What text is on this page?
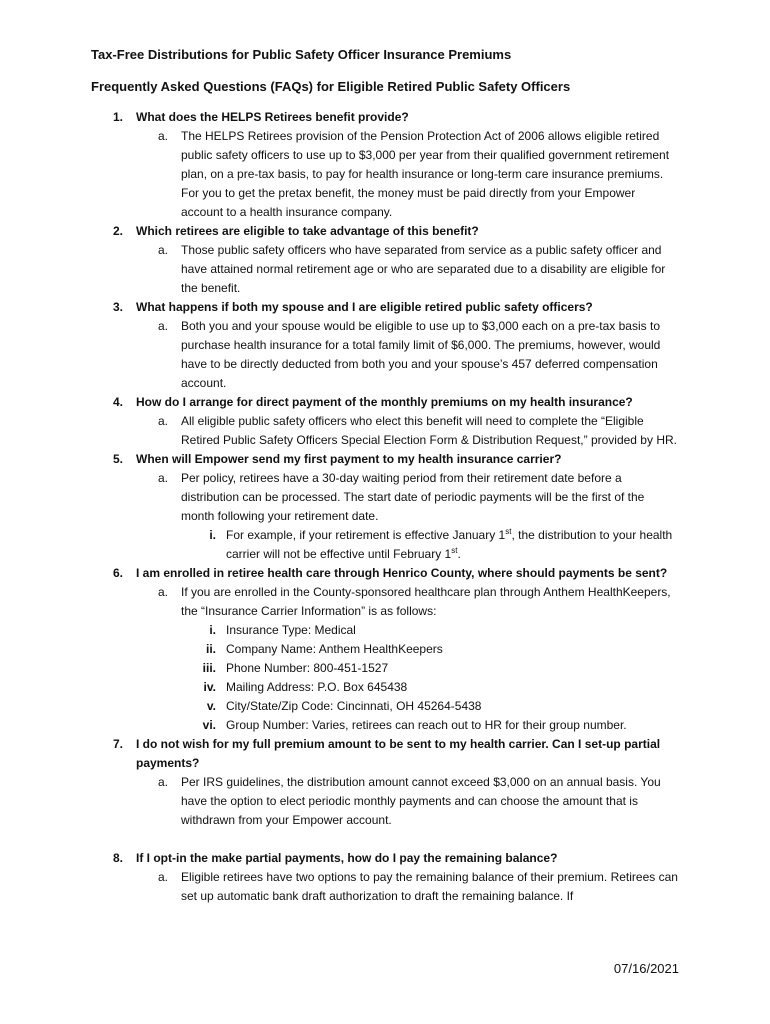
Tax-Free Distributions for Public Safety Officer Insurance Premiums
Frequently Asked Questions (FAQs) for Eligible Retired Public Safety Officers
1. What does the HELPS Retirees benefit provide?
a. The HELPS Retirees provision of the Pension Protection Act of 2006 allows eligible retired public safety officers to use up to $3,000 per year from their qualified government retirement plan, on a pre-tax basis, to pay for health insurance or long-term care insurance premiums. For you to get the pretax benefit, the money must be paid directly from your Empower account to a health insurance company.
2. Which retirees are eligible to take advantage of this benefit?
a. Those public safety officers who have separated from service as a public safety officer and have attained normal retirement age or who are separated due to a disability are eligible for the benefit.
3. What happens if both my spouse and I are eligible retired public safety officers?
a. Both you and your spouse would be eligible to use up to $3,000 each on a pre-tax basis to purchase health insurance for a total family limit of $6,000. The premiums, however, would have to be directly deducted from both you and your spouse’s 457 deferred compensation account.
4. How do I arrange for direct payment of the monthly premiums on my health insurance?
a. All eligible public safety officers who elect this benefit will need to complete the “Eligible Retired Public Safety Officers Special Election Form & Distribution Request,” provided by HR.
5. When will Empower send my first payment to my health insurance carrier?
a. Per policy, retirees have a 30-day waiting period from their retirement date before a distribution can be processed. The start date of periodic payments will be the first of the month following your retirement date.
i. For example, if your retirement is effective January 1st, the distribution to your health carrier will not be effective until February 1st.
6. I am enrolled in retiree health care through Henrico County, where should payments be sent?
a. If you are enrolled in the County-sponsored healthcare plan through Anthem HealthKeepers, the “Insurance Carrier Information” is as follows:
i. Insurance Type: Medical
ii. Company Name: Anthem HealthKeepers
iii. Phone Number: 800-451-1527
iv. Mailing Address: P.O. Box 645438
v. City/State/Zip Code: Cincinnati, OH 45264-5438
vi. Group Number: Varies, retirees can reach out to HR for their group number.
7. I do not wish for my full premium amount to be sent to my health carrier. Can I set-up partial payments?
a. Per IRS guidelines, the distribution amount cannot exceed $3,000 on an annual basis. You have the option to elect periodic monthly payments and can choose the amount that is withdrawn from your Empower account.
8. If I opt-in the make partial payments, how do I pay the remaining balance?
a. Eligible retirees have two options to pay the remaining balance of their premium. Retirees can set up automatic bank draft authorization to draft the remaining balance. If
07/16/2021
